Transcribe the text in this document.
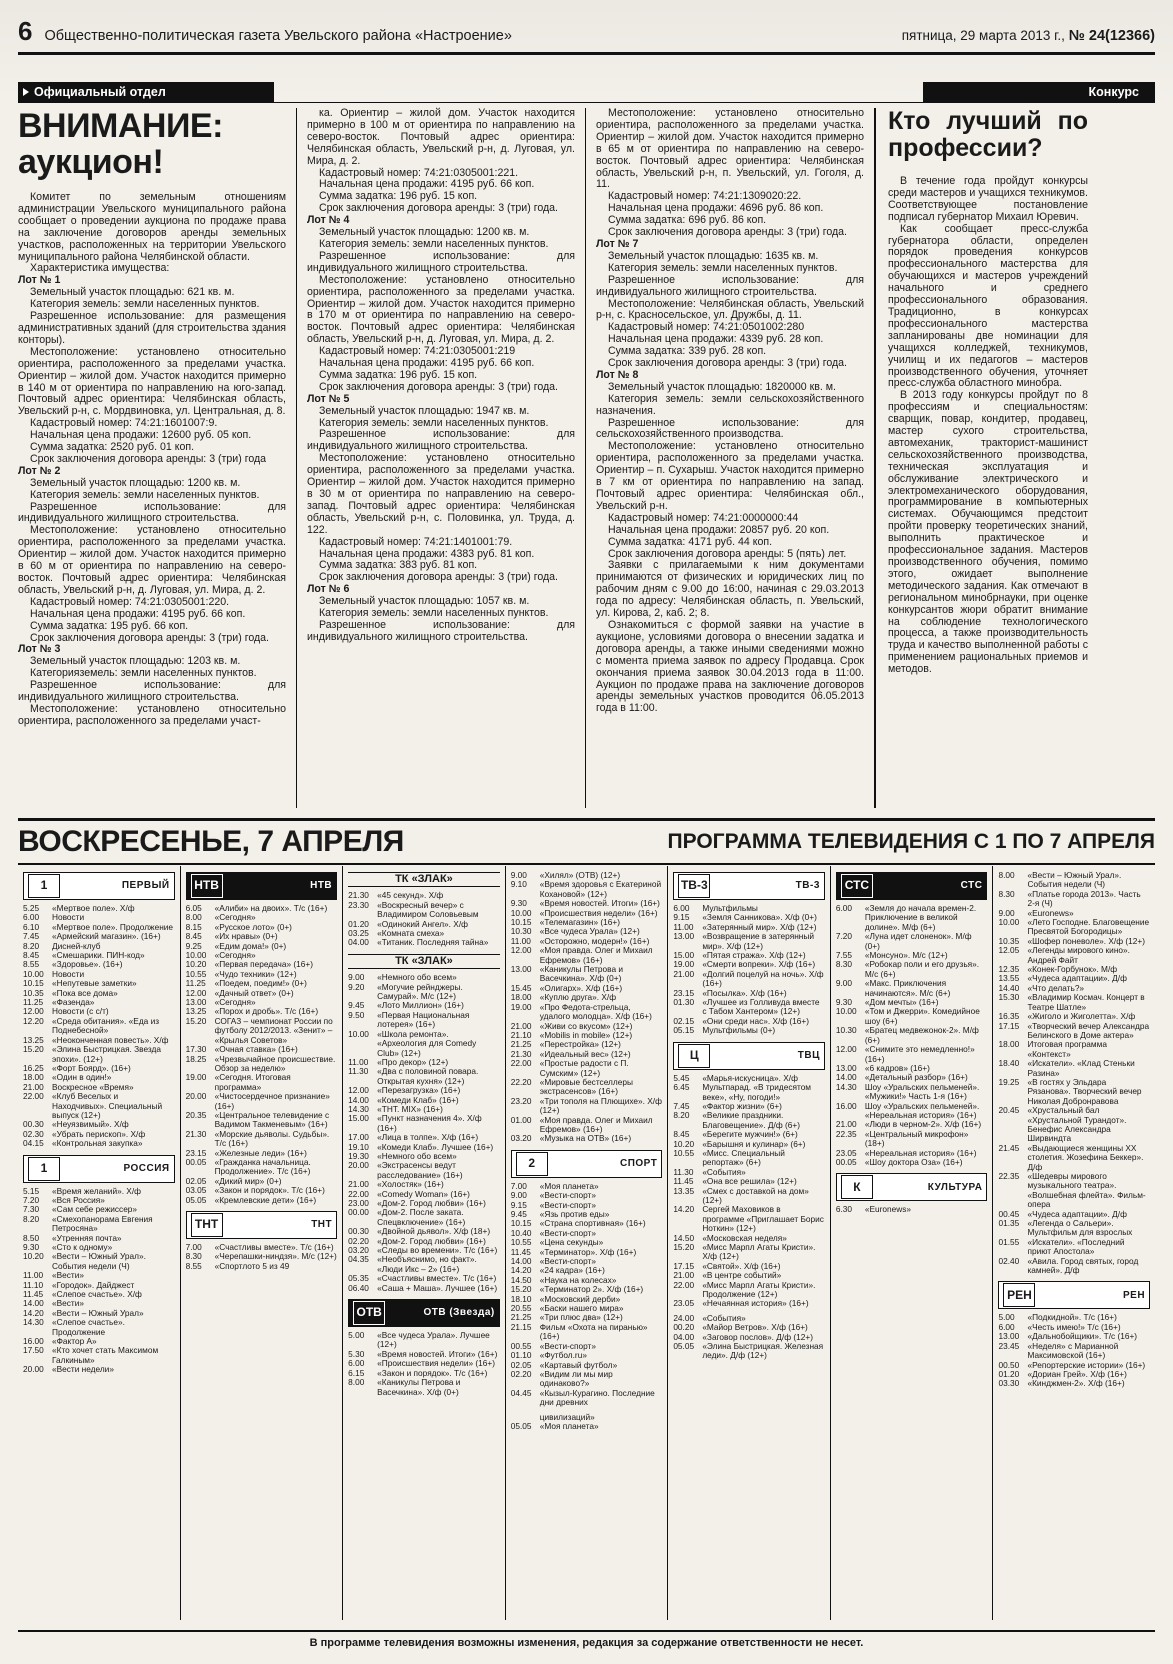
6 Общественно-политическая газета Увельского района «Настроение»	пятница, 29 марта 2013 г., № 24(12366)
Официальный отдел	Конкурс
ВНИМАНИЕ: аукцион!

Комитет по земельным отношениям администрации Увельского муниципального района сообщает о проведении аукциона по продаже права на заключение договоров аренды земельных участков, расположенных на территории Увельского муниципального района Челябинской области.

Характеристика имущества:

Лот № 1

Земельный участок площадью: 621 кв. м.

Категория земель: земли населенных пунктов.

Разрешенное использование: для размещения административных зданий (для строительства здания конторы).

Местоположение: установлено относительно ориентира, расположенного за пределами участка. Ориентир – жилой дом. Участок находится примерно в 140 м от ориентира по направлению на юго-запад. Почтовый адрес ориентира: Челябинская область, Увельский р-н, с. Мордвиновка, ул. Центральная, д. 8.

Кадастровый номер: 74:21:1601007:9.

Начальная цена продажи: 12600 руб. 05 коп.

Сумма задатка: 2520 руб. 01 коп.

Срок заключения договора аренды: 3 (три) года

Лот № 2

Земельный участок площадью: 1200 кв. м.

Категория земель: земли населенных пунктов.

Разрешенное использование: для индивидуального жилищного строительства.

Местоположение: установлено относительно ориентира, расположенного за пределами участка. Ориентир – жилой дом. Участок находится примерно в 60 м от ориентира по направлению на северо-восток. Почтовый адрес ориентира: Челябинская область, Увельский р-н, д. Луговая, ул. Мира, д. 2.

Кадастровый номер: 74:21:0305001:220.

Начальная цена продажи: 4195 руб. 66 коп.

Сумма задатка: 195 руб. 66 коп.

Срок заключения договора аренды: 3 (три) года.

Лот № 3

Земельный участок площадью: 1203 кв. м.

Категорияземель: земли населенных пунктов.

Разрешенное использование: для индивидуального жилищного строительства.

Местоположение: установлено относительно ориентира, расположенного за пределами участ-

ка. Ориентир – жилой дом. Участок находится примерно в 100 м от ориентира по направлению на северо-восток. Почтовый адрес ориентира: Челябинская область, Увельский р-н, д. Луговая, ул. Мира, д. 2.

Кадастровый номер: 74:21:0305001:221.

Начальная цена продажи: 4195 руб. 66 коп.

Сумма задатка: 196 руб. 15 коп.

Срок заключения договора аренды: 3 (три) года.

Лот № 4

Земельный участок площадью: 1200 кв. м.

Категория земель: земли населенных пунктов.

Разрешенное использование: для индивидуального жилищного строительства.

Местоположение: установлено относительно ориентира, расположенного за пределами участка. Ориентир – жилой дом. Участок находится примерно в 170 м от ориентира по направлению на северо-восток. Почтовый адрес ориентира: Челябинская область, Увельский р-н, д. Луговая, ул. Мира, д. 2.

Кадастровый номер: 74:21:0305001:219

Начальная цена продажи: 4195 руб. 66 коп.

Сумма задатка: 196 руб. 15 коп.

Срок заключения договора аренды: 3 (три) года.

Лот № 5

Земельный участок площадью: 1947 кв. м.

Категория земель: земли населенных пунктов.

Разрешенное использование: для индивидуального жилищного строительства.

Местоположение: установлено относительно ориентира, расположенного за пределами участка. Ориентир – жилой дом. Участок находится примерно в 30 м от ориентира по направлению на северо-запад. Почтовый адрес ориентира: Челябинская область, Увельский р-н, с. Половинка, ул. Труда, д. 122.

Кадастровый номер: 74:21:1401001:79.

Начальная цена продажи: 4383 руб. 81 коп.

Сумма задатка: 383 руб. 81 коп.

Срок заключения договора аренды: 3 (три) года.

Лот № 6

Земельный участок площадью: 1057 кв. м.

Категория земель: земли населенных пунктов.

Разрешенное использование: для индивидуального жилищного строительства.

Местоположение: установлено относительно ориентира, расположенного за пределами участка. Ориентир – жилой дом. Участок находится примерно в 65 м от ориентира по направлению на северо-восток. Почтовый адрес ориентира: Челябинская область, Увельский р-н, п. Увельский, ул. Гоголя, д. 11.

Кадастровый номер: 74:21:1309020:22.

Начальная цена продажи: 4696 руб. 86 коп.

Сумма задатка: 696 руб. 86 коп.

Срок заключения договора аренды: 3 (три) года.

Лот № 7

Земельный участок площадью: 1635 кв. м.

Категория земель: земли населенных пунктов.

Разрешенное использование: для индивидуального жилищного строительства.

Местоположение: Челябинская область, Увельский р-н, с. Красносельское, ул. Дружбы, д. 11.

Кадастровый номер: 74:21:0501002:280

Начальная цена продажи: 4339 руб. 28 коп.

Сумма задатка: 339 руб. 28 коп.

Срок заключения договора аренды: 3 (три) года.

Лот № 8

Земельный участок площадью: 1820000 кв. м.

Категория земель: земли сельскохозяйственного назначения.

Разрешенное использование: для сельскохозяйственного производства.

Местоположение: установлено относительно ориентира, расположенного за пределами участка. Ориентир – п. Сухарыш. Участок находится примерно в 7 км от ориентира по направлению на запад. Почтовый адрес ориентира: Челябинская обл., Увельский р-н.

Кадастровый номер: 74:21:0000000:44

Начальная цена продажи: 20857 руб. 20 коп.

Сумма задатка: 4171 руб. 44 коп.

Срок заключения договора аренды: 5 (пять) лет.

Заявки с прилагаемыми к ним документами принимаются от физических и юридических лиц по рабочим дням с 9.00 до 16:00, начиная с 29.03.2013 года по адресу: Челябинская область, п. Увельский, ул. Кирова, 2, каб. 2; 8.

Ознакомиться с формой заявки на участие в аукционе, условиями договора о внесении задатка и договора аренды, а также иными сведениями можно с момента приема заявок по адресу Продавца. Срок окончания приема заявок 30.04.2013 года в 11:00. Аукцион по продаже права на заключение договоров аренды земельных участков проводится 06.05.2013 года в 11:00.

Кто лучший по профессии?

В течение года пройдут конкурсы среди мастеров и учащихся техникумов. Соответствующее постановление подписал губернатор Михаил Юревич.

Как сообщает пресс-служба губернатора области, определен порядок проведения конкурсов профессионального мастерства для обучающихся и мастеров учреждений начального и среднего профессионального образования. Традиционно, в конкурсах профессионального мастерства запланированы две номинации для учащихся колледжей, техникумов, училищ и их педагогов – мастеров производственного обучения, уточняет пресс-служба областного минобра.

В 2013 году конкурсы пройдут по 8 профессиям и специальностям: сварщик, повар, кондитер, продавец, мастер сухого строительства, автомеханик, тракторист-машинист сельскохозяйственного производства, техническая эксплуатация и обслуживание электрического и электромеханического оборудования, программирование в компьютерных системах. Обучающимся предстоит пройти проверку теоретических знаний, выполнить практическое и профессиональное задания. Мастеров производственного обучения, помимо этого, ожидает выполнение методического задания. Как отмечают в региональном минобрнауки, при оценке конкурсантов жюри обратит внимание на соблюдение технологического процесса, а также производительность труда и качество выполненной работы с применением рациональных приемов и методов.

ВОСКРЕСЕНЬЕ, 7 АПРЕЛЯ	ПРОГРАММА ТЕЛЕВИДЕНИЯ С 1 ПО 7 АПРЕЛЯ
1	ПЕРВЫЙ
5.25	«Мертвое поле». Х/ф
6.00	Новости
6.10	«Мертвое поле». Продолжение
7.45	«Армейский магазин». (16+)
8.20	Дисней-клуб
8.45	«Смешарики. ПИН-код»
8.55	«Здоровье». (16+)
10.00 Новости
10.15 «Непутевые заметки»
10.35 «Пока все дома»
11.25	«Фазенда»
12.00 Новости (с с/т)
12.20 «Среда обитания». «Еда из Поднебесной»
13.25 «Неоконченная повесть». Х/ф
15.20 «Элина Быстрицкая. Звезда эпохи». (12+)
16.25 «Форт Боярд». (16+)
18.00 «Один в один!»
21.00 Воскресное «Время»
22.00 «Клуб Веселых и Находчивых». Специальный выпуск (12+)
00.30 «Неуязвимый». Х/ф
02.30 «Убрать перископ». Х/ф
04.15 «Контрольная закупка»
1	РОССИЯ
5.15	«Время желаний». Х/ф
7.20	«Вся Россия»
7.30	«Сам себе режиссер»
8.20	«Смехопанорама Евгения Петросяна»
8.50	«Утренняя почта»
9.30	«Сто к одному»
10.20 «Вести – Южный Урал». События недели (Ч)
11.00	«Вести»
11.10	«Городок». Дайджест
11.45	«Слепое счастье». Х/ф
14.00 «Вести»
14.20 «Вести – Южный Урал»
14.30 «Слепое счастье». Продолжение
16.00 «Фактор А»
17.50 «Кто хочет стать Максимом Галкиным»
20.00 «Вести недели»
НТВ	НТВ
6.05	«Алиби» на двоих». Т/с (16+)
8.00	«Сегодня»
8.15	«Русское лото» (0+)
8.45	«Их нравы» (0+)
9.25	«Едим дома!» (0+)
10.00 «Сегодня»
10.20 «Первая передача» (16+)
10.55 «Чудо техники» (12+)
11.25	«Поедем, поедим!» (0+)
12.00 «Дачный ответ» (0+)
13.00 «Сегодня»
13.25 «Порох и дробь». Т/с (16+)
15.20 СОГАЗ – чемпионат России по футболу 2012/2013. «Зенит» – «Крылья Советов»
17.30 «Очная ставка» (16+)
18.25 «Чрезвычайное происшествие. Обзор за неделю»
19.00 «Сегодня. Итоговая программа»
20.00 «Чистосердечное признание» (16+)
20.35 «Центральное телевидение с Вадимом Такменевым» (16+)
21.30 «Морские дьяволы. Судьбы». Т/с (16+)
23.15 «Железные леди» (16+)
00.05 «Гражданка начальница. Продолжение». Т/с (16+)
02.05 «Дикий мир» (0+)
03.05 «Закон и порядок». Т/с (16+)
05.05 «Кремлевские дети» (16+)
ТНТ	ТНТ
7.00	«Счастливы вместе». Т/с (16+)
8.30	«Черепашки-ниндзя». М/с (12+)
8.55	«Спортлото 5 из 49
ТК «ЗЛАК»
21.30 «45 секунд». Х/ф
23.30 «Воскресный вечер» с Владимиром Соловьевым
01.20 «Одинокий Ангел». Х/ф
03.25 «Комната смеха»
04.00 «Титаник. Последняя тайна»
ТК «ЗЛАК»
9.00	«Немного обо всем»
9.20	«Могучие рейнджеры. Самурай». М/с (12+)
9.45	«Лото Миллион» (16+)
9.50	«Первая Национальная лотерея» (16+)
10.00 «Школа ремонта». «Археология для Comedy Club» (12+)
11.00	«Про декор» (12+)
11.30	«Два с половиной повара. Открытая кухня» (12+)
12.00 «Перезагрузка» (16+)
14.00 «Комеди Клаб» (16+)
14.30 «ТНТ. MIX» (16+)
15.00 «Пункт назначения 4». Х/ф (16+)
17.00 «Лица в толпе». Х/ф (16+)
19.10 «Комеди Клаб». Лучшее (16+)
19.30 «Немного обо всем»
20.00 «Экстрасенсы ведут расследование» (16+)
21.00 «Холостяк» (16+)
22.00 «Comedy Woman» (16+)
23.00 «Дом-2. Город любви» (16+)
00.00 «Дом-2. После заката. Спецвключение» (16+)
00.30 «Двойной дьявол». Х/ф (18+)
02.20 «Дом-2. Город любви» (16+)
03.20 «Следы во времени». Т/с (16+)
04.35 «Необъяснимо, но факт». «Люди Икс – 2» (16+)
05.35 «Счастливы вместе». Т/с (16+)
06.40 «Саша + Маша». Лучшее (16+)
ОТВ	ОТВ (Звезда)
5.00	«Все чудеса Урала». Лучшее (12+)
5.30	«Время новостей. Итоги» (16+)
6.00	«Происшествия недели» (16+)
6.15	«Закон и порядок». Т/с (16+)
8.00	«Каникулы Петрова и Васечкина». Х/ф (0+)
9.00	«Хилял» (ОТВ) (12+)
9.10	«Время здоровья с Екатериной Кохановой» (12+)
9.30	«Время новостей. Итоги» (16+)
10.00 «Происшествия недели» (16+)
10.15 «Телемагазин» (16+)
10.30 «Все чудеса Урала» (12+)
11.00	«Осторожно, модерн!» (16+)
12.00 «Моя правда. Олег и Михаил Ефремов» (16+)
13.00 «Каникулы Петрова и Васечкина». Х/ф (0+)
15.45 «Олигарх». Х/ф (16+)
18.00 «Куплю друга». Х/ф
19.00 «Про Федота-стрельца, удалого молодца». Х/ф (16+)
21.00 «Живи со вкусом» (12+)
21.10 «Mobilis in mobile» (12+)
21.25 «Перестройка» (12+)
21.30 «Идеальный вес» (12+)
22.00 «Простые радости с П. Сумским» (12+)
22.20 «Мировые бестселлеры экстрасенсов» (16+)
23.20 «Три тополя на Плющихе». Х/ф (12+)
01.00 «Моя правда. Олег и Михаил Ефремов» (16+)
03.20 «Музыка на ОТВ» (16+)
2	СПОРТ
7.00	«Моя планета»
9.00	«Вести-спорт»
9.15	«Вести-спорт»
9.45	«Язь против еды»
10.15 «Страна спортивная» (16+)
10.40 «Вести-спорт»
10.55 «Цена секунды»
11.45	«Терминатор». Х/ф (16+)
14.00 «Вести-спорт»
14.20 «24 кадра» (16+)
14.50 «Наука на колесах»
15.20 «Терминатор 2». Х/ф (16+)
18.10 «Московский дерби»
20.55 «Баски нашего мира»
21.25 «Три плюс два» (12+)
21.15 Фильм «Охота на пиранью» (16+)
00.55 «Вести-спорт»
01.10 «Футбол.ru»
02.05 «Картавый футбол»
02.20 «Видим ли мы мир одинаково?»
04.45 «Кызыл-Курагино. Последние дни древних
цивилизаций»
05.05 «Моя планета»
ТВ-3	ТВ-3
6.00	Мультфильмы
9.15	«Земля Санникова». Х/ф (0+)
11.00	«Затерянный мир». Х/ф (12+)
13.00 «Возвращение в затерянный мир». Х/ф (12+)
15.00 «Пятая стража». Х/ф (12+)
19.00 «Смерти вопреки». Х/ф (16+)
21.00 «Долгий поцелуй на ночь». Х/ф (16+)
23.15 «Посылка». Х/ф (16+)
01.30 «Лучшее из Голливуда вместе с Табом Хантером» (12+)
02.15 «Они среди нас». Х/ф (16+)
05.15 Мультфильмы (0+)
Ц	ТВЦ
5.45	«Марья-искусница». Х/ф
6.45	Мультпарад. «В тридесятом веке», «Ну, погоди!»
7.45	«Фактор жизни» (6+)
8.20	«Великие праздники. Благовещение». Д/ф (6+)
8.45	«Берегите мужчин!» (6+)
10.20 «Барышня и кулинар» (6+)
10.55 «Мисс. Специальный репортаж» (6+)
11.30	«События»
11.45	«Она все решила» (12+)
13.35 «Смех с доставкой на дом» (12+)
14.20 Сергей Маховиков в программе «Приглашает Борис Ноткин» (12+)
14.50 «Московская неделя»
15.20 «Мисс Марпл Агаты Кристи». Х/ф (12+)
17.15 «Святой». Х/ф (16+)
21.00 «В центре событий»
22.00 «Мисс Марпл Агаты Кристи». Продолжение (12+)
23.05 «Нечаянная история» (16+)
24.00 «События»
00.20 «Майор Ветров». Х/ф (16+)
04.00 «Заговор послов». Д/ф (12+)
05.05 «Элина Быстрицкая. Железная леди». Д/ф (12+)
СТС	СТС
6.00	«Земля до начала времен-2. Приключение в великой долине». М/ф (6+)
7.20	«Луна идет слоненок». М/ф (0+)
7.55	«Монсуно». М/с (12+)
8.30	«Робокар поли и его друзья». М/с (6+)
9.00	«Макс. Приключения начинаются». М/с (6+)
9.30	«Дом мечты» (16+)
10.00 «Том и Джерри». Комедийное шоу (6+)
10.30 «Братец медвежонок-2». М/ф (6+)
12.00 «Снимите это немедленно!» (16+)
13.00 «6 кадров» (16+)
14.00 «Детальный разбор» (16+)
14.30 Шоу «Уральских пельменей». «Мужики!» Часть 1-я (16+)
16.00 Шоу «Уральских пельменей». «Нереальная история» (16+)
21.00 «Люди в черном-2». Х/ф (16+)
22.35 «Центральный микрофон» (18+)
23.05 «Нереальная история» (16+)
00.05 «Шоу доктора Оза» (16+)
К	КУЛЬТУРА
6.30	«Euronews»
8.00	«Вести – Южный Урал». События недели (Ч)
8.30	«Платье города 2013». Часть 2-я (Ч)
9.00	«Euronews»
10.00 «Лето Господне. Благовещение Пресвятой Богородицы»
10.35 «Шофер поневоле». Х/ф (12+)
12.05 «Легенды мирового кино». Андрей Файт
12.35 «Конек-Горбунок». М/ф
13.55 «Чудеса адаптации». Д/ф
14.40 «Что делать?»
15.30 «Владимир Космач. Концерт в Театре Шатле»
16.35 «Жиголо и Жиголетта». Х/ф
17.15 «Творческий вечер Александра Белинского в Доме актера»
18.00 Итоговая программа «Контекст»
18.40 «Искатели». «Клад Стеньки Разина»
19.25 «В гостях у Эльдара Рязанова». Творческий вечер Николая Добронравова
20.45 «Хрустальный бал «Хрустальной Турандот». Бенефис Александра Ширвиндта
21.45 «Выдающиеся женщины XX столетия. Жозефина Беккер». Д/ф
22.35 «Шедевры мирового музыкального театра». «Волшебная флейта». Фильм-опера
00.45 «Чудеса адаптации». Д/ф
01.35 «Легенда о Сальери». Мультфильм для взрослых
01.55 «Искатели». «Последний приют Апостола»
02.40 «Авила. Город святых, город камней». Д/ф
РЕН	РЕН
5.00	«Подкидной». Т/с (16+)
6.00	«Честь имею!» Т/с (16+)
13.00 «Дальнобойщики». Т/с (16+)
23.45 «Неделя» с Марианной Максимовской (16+)
00.50 «Репортерские истории» (16+)
01.20 «Дориан Грей». Х/ф (16+)
03.30 «Кинджмен-2». Х/ф (16+)
В программе телевидения возможны изменения, редакция за содержание ответственности не несет.
